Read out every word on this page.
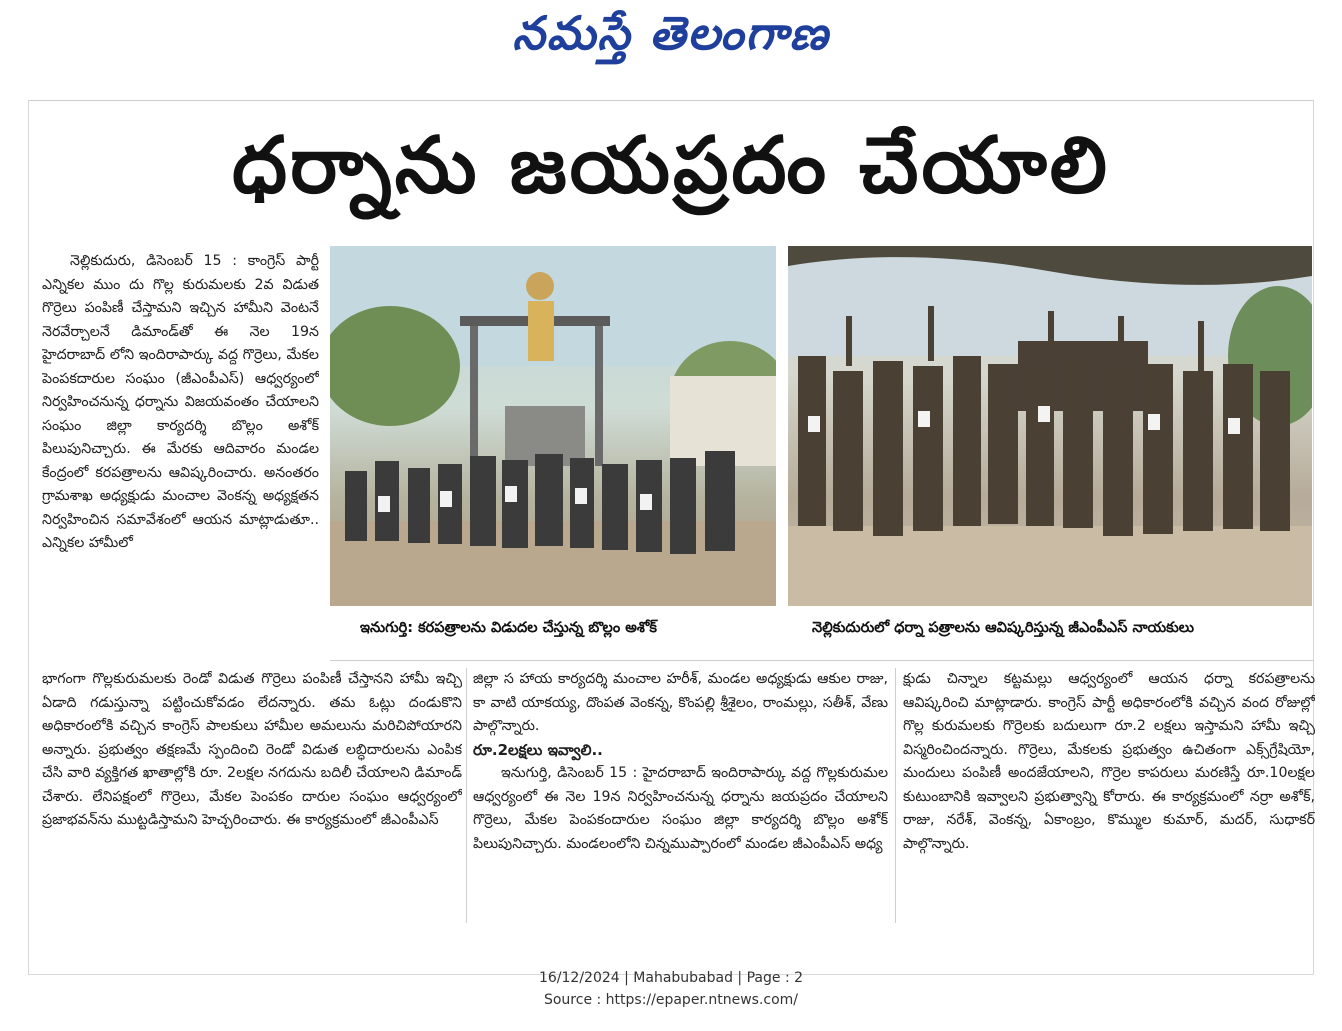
నమస్తే తెలంగాణ
ధర్నాను జయప్రదం చేయాలి

నెల్లికుదురు, డిసెంబర్ 15 : కాంగ్రెస్ పార్టీ ఎన్నికల ముం దు గొల్ల కురుమలకు 2వ విడుత గొర్రెలు పంపిణీ చేస్తామని ఇచ్చిన హామీని వెంటనే నెరవేర్చాలనే డిమాండ్‌తో ఈ నెల 19న హైదరాబాద్ లోని ఇందిరాపార్కు వద్ద గొర్రెలు, మేకల పెంపకదారుల సంఘం (జీఎంపీఎస్) ఆధ్వర్యంలో నిర్వహించనున్న ధర్నాను విజయవంతం చేయాలని సంఘం జిల్లా కార్యదర్శి బొల్లం అశోక్ పిలుపునిచ్చారు. ఈ మేరకు ఆదివారం మండల కేంద్రంలో కరపత్రాలను ఆవిష్కరించారు. అనంతరం గ్రామశాఖ అధ్యక్షుడు మంచాల వెంకన్న అధ్యక్షతన నిర్వహించిన సమావేశంలో ఆయన మాట్లాడుతూ.. ఎన్నికల హామీలో

ఇనుగుర్తి: కరపత్రాలను విడుదల చేస్తున్న బొల్లం అశోక్	నెల్లికుదురులో ధర్నా పత్రాలను ఆవిష్కరిస్తున్న జీఎంపీఎస్ నాయకులు

భాగంగా గొల్లకురుమలకు రెండో విడుత గొర్రెలు పంపిణీ చేస్తానని హామీ ఇచ్చి ఏడాది గడుస్తున్నా పట్టించుకోవడం లేదన్నారు. తమ ఓట్లు దండుకొని అధికారంలోకి వచ్చిన కాంగ్రెస్ పాలకులు హామీల అమలును మరిచిపోయారని అన్నారు. ప్రభుత్వం తక్షణమే స్పందించి రెండో విడుత లబ్ధిదారులను ఎంపిక చేసి వారి వ్యక్తిగత ఖాతాల్లోకి రూ. 2లక్షల నగదును బదిలీ చేయాలని డిమాండ్ చేశారు. లేనిపక్షంలో గొర్రెలు, మేకల పెంపకం దారుల సంఘం ఆధ్వర్యంలో ప్రజాభవన్‌ను ముట్టడిస్తామని హెచ్చరించారు. ఈ కార్యక్రమంలో జీఎంపీఎస్

జిల్లా స హాయ కార్యదర్శి మంచాల హరీశ్, మండల అధ్యక్షుడు ఆకుల రాజు, కా వాటి యాకయ్య, దొంపత వెంకన్న, కొంపల్లి శ్రీశైలం, రాంమల్లు, సతీశ్, వేణు పాల్గొన్నారు.

రూ.2లక్షలు ఇవ్వాలి..

ఇనుగుర్తి, డిసెంబర్ 15 : హైదరాబాద్ ఇందిరాపార్కు వద్ద గొల్లకురుమల ఆధ్వర్యంలో ఈ నెల 19న నిర్వహించనున్న ధర్నాను జయప్రదం చేయాలని గొర్రెలు, మేకల పెంపకందారుల సంఘం జిల్లా కార్యదర్శి బొల్లం అశోక్ పిలుపునిచ్చారు. మండలంలోని చిన్నముప్పారంలో మండల జీఎంపీఎస్ అధ్య

క్షుడు చిన్నాల కట్టమల్లు ఆధ్వర్యంలో ఆయన ధర్నా కరపత్రాలను ఆవిష్కరించి మాట్లాడారు. కాంగ్రెస్ పార్టీ అధికారంలోకి వచ్చిన వంద రోజుల్లో గొల్ల కురుమలకు గొర్రెలకు బదులుగా రూ.2 లక్షలు ఇస్తామని హామీ ఇచ్చి విస్మరించిందన్నారు. గొర్రెలు, మేకలకు ప్రభుత్వం ఉచితంగా ఎక్స్‌గ్రేషియో, మందులు పంపిణీ అందజేయాలని, గొర్రెల కాపరులు మరణిస్తే రూ.10లక్షల కుటుంబానికి ఇవ్వాలని ప్రభుత్వాన్ని కోరారు. ఈ కార్యక్రమంలో నర్రా అశోక్, రాజు, నరేశ్, వెంకన్న, ఏకాంబ్రం, కొమ్ముల కుమార్, మదర్, సుధాకర్ పాల్గొన్నారు.

16/12/2024 | Mahabubabad | Page : 2
Source : https://epaper.ntnews.com/
